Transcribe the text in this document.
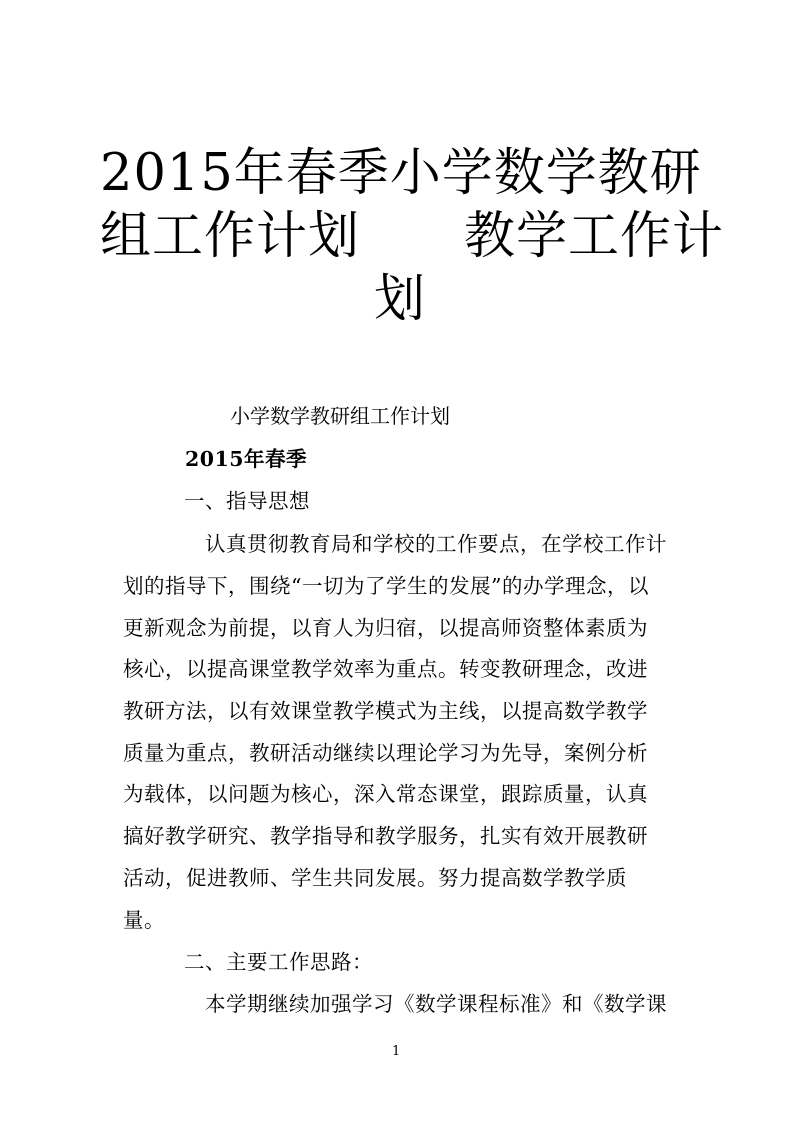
2015年春季小学数学教研
组工作计划　　教学工作计
划
小学数学教研组工作计划
2015年春季
一、指导思想
认真贯彻教育局和学校的工作要点，在学校工作计
划的指导下，围绕“一切为了学生的发展”的办学理念，以
更新观念为前提，以育人为归宿，以提高师资整体素质为
核心，以提高课堂教学效率为重点。转变教研理念，改进
教研方法，以有效课堂教学模式为主线，以提高数学教学
质量为重点，教研活动继续以理论学习为先导，案例分析
为载体，以问题为核心，深入常态课堂，跟踪质量，认真
搞好教学研究、教学指导和教学服务，扎实有效开展教研
活动，促进教师、学生共同发展。努力提高数学教学质
量。
二、主要工作思路：
本学期继续加强学习《数学课程标准》和《数学课
1
